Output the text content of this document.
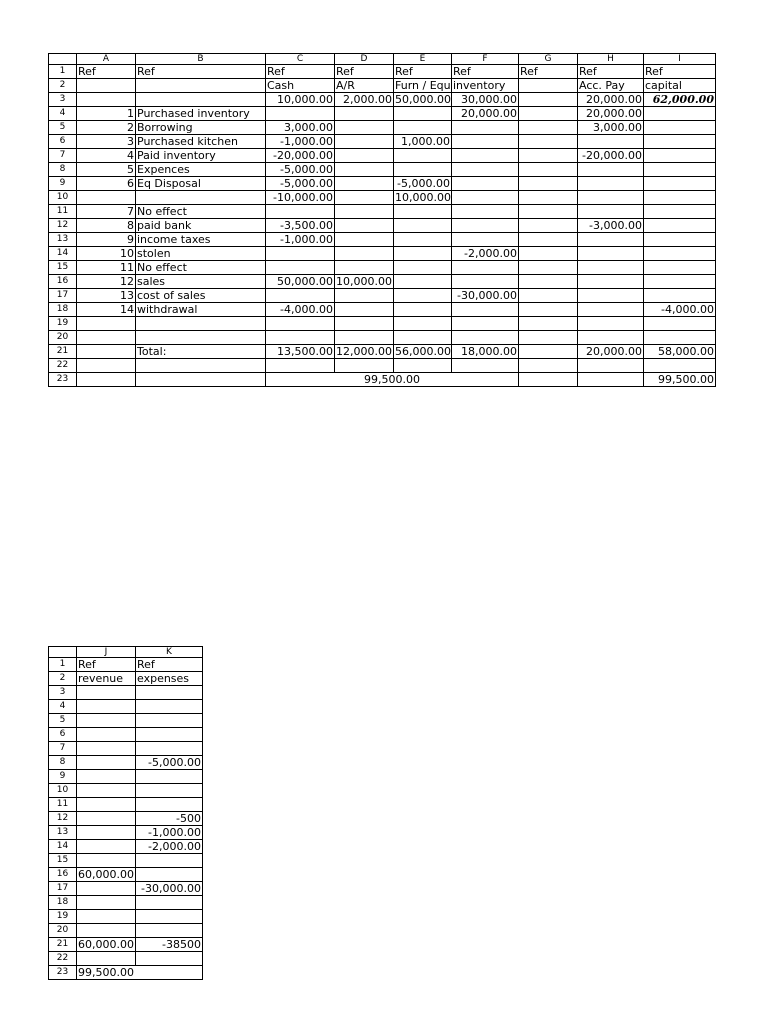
	A	B	C	D	E	F	G	H	I
1	Ref	Ref	Ref	Ref	Ref	Ref	Ref	Ref	Ref
2			Cash	A/R	Furn / Equ	inventory		Acc. Pay	capital
3			10,000.00	2,000.00	50,000.00	30,000.00		20,000.00	62,000.00
4	1	Purchased inventory				20,000.00		20,000.00	
5	2	Borrowing	3,000.00					3,000.00	
6	3	Purchased kitchen	-1,000.00		1,000.00				
7	4	Paid inventory	-20,000.00					-20,000.00	
8	5	Expences	-5,000.00						
9	6	Eq Disposal	-5,000.00		-5,000.00				
10			-10,000.00		10,000.00				
11	7	No effect							
12	8	paid bank	-3,500.00					-3,000.00	
13	9	income taxes	-1,000.00						
14	10	stolen				-2,000.00			
15	11	No effect							
16	12	sales	50,000.00	10,000.00					
17	13	cost of sales				-30,000.00			
18	14	withdrawal	-4,000.00						-4,000.00
19									
20									
21		Total:	13,500.00	12,000.00	56,000.00	18,000.00		20,000.00	58,000.00
22									
23			99,500.00						99,500.00
	J	K
1	Ref	Ref
2	revenue	expenses
3		
4		
5		
6		
7		
8		-5,000.00
9		
10		
11		
12		-500
13		-1,000.00
14		-2,000.00
15		
16	60,000.00	
17		-30,000.00
18		
19		
20		
21	60,000.00	-38500
22		
23	99,500.00	
